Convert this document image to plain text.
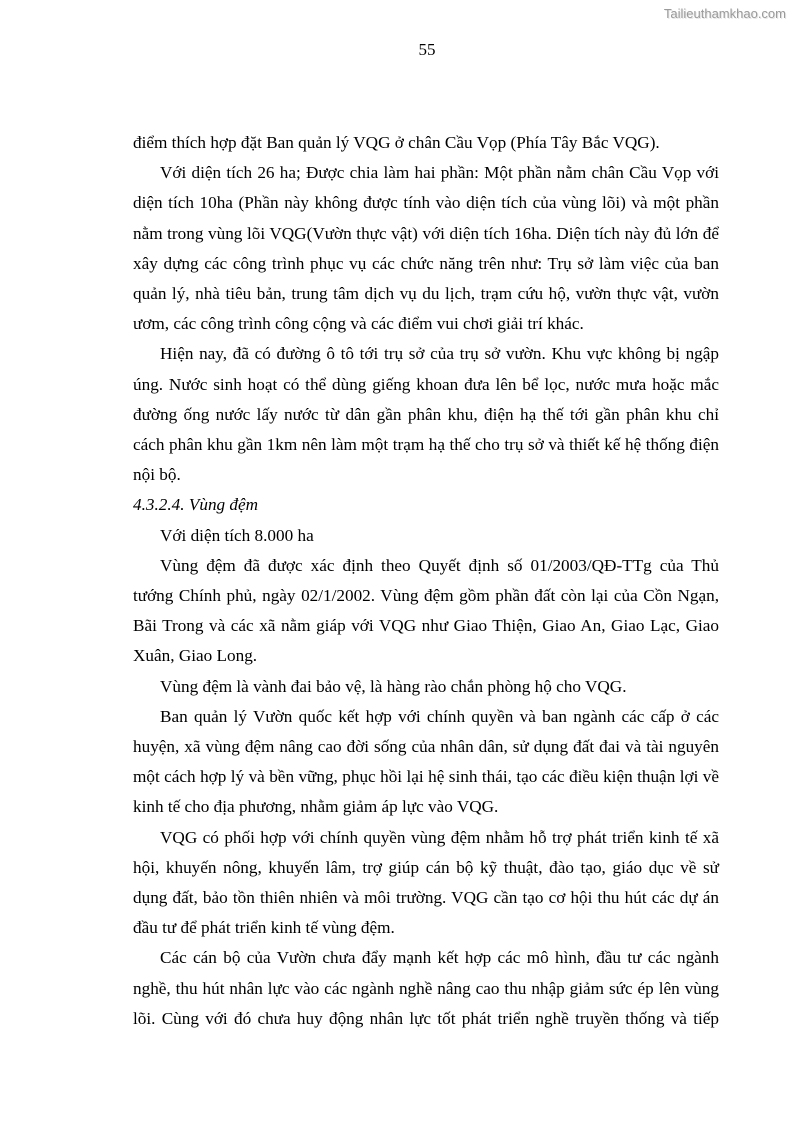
Tailieuthamkhao.com
55

điểm thích hợp đặt Ban quản lý VQG ở chân Cầu Vọp (Phía Tây Bắc VQG).

Với diện tích 26 ha; Được chia làm hai phần: Một phần nằm chân Cầu Vọp với diện tích 10ha (Phần này không được tính vào diện tích của vùng lõi) và một phần nằm trong vùng lõi VQG(Vườn thực vật) với diện tích 16ha. Diện tích này đủ lớn để xây dựng các công trình phục vụ các chức năng trên như: Trụ sở làm việc của ban quản lý, nhà tiêu bản, trung tâm dịch vụ du lịch, trạm cứu hộ, vườn thực vật, vườn ươm, các công trình công cộng và các điểm vui chơi giải trí khác.

Hiện nay, đã có đường ô tô tới trụ sở của trụ sở vườn. Khu vực không bị ngập úng. Nước sinh hoạt có thể dùng giếng khoan đưa lên bể lọc, nước mưa hoặc mắc đường ống nước lấy nước từ dân gần phân khu, điện hạ thế tới gần phân khu chỉ cách phân khu gần 1km nên làm một trạm hạ thế cho trụ sở và thiết kế hệ thống điện nội bộ.

4.3.2.4. Vùng đệm

Với diện tích 8.000 ha

Vùng đệm đã được xác định theo Quyết định số 01/2003/QĐ-TTg của Thủ tướng Chính phủ, ngày 02/1/2002. Vùng đệm gồm phần đất còn lại của Cồn Ngạn, Bãi Trong và các xã nằm giáp với VQG như Giao Thiện, Giao An, Giao Lạc, Giao Xuân, Giao Long.

Vùng đệm là vành đai bảo vệ, là hàng rào chắn phòng hộ cho VQG.

Ban quản lý Vườn quốc kết hợp với chính quyền và ban ngành các cấp ở các huyện, xã vùng đệm nâng cao đời sống của nhân dân, sử dụng đất đai và tài nguyên một cách hợp lý và bền vững, phục hồi lại hệ sinh thái, tạo các điều kiện thuận lợi về kinh tế cho địa phương, nhằm giảm áp lực vào VQG.

VQG có phối hợp với chính quyền vùng đệm nhằm hỗ trợ phát triển kinh tế xã hội, khuyến nông, khuyến lâm, trợ giúp cán bộ kỹ thuật, đào tạo, giáo dục về sử dụng đất, bảo tồn thiên nhiên và môi trường. VQG cần tạo cơ hội thu hút các dự án đầu tư để phát triển kinh tế vùng đệm.

Các cán bộ của Vườn chưa đẩy mạnh kết hợp các mô hình, đầu tư các ngành nghề, thu hút nhân lực vào các ngành nghề nâng cao thu nhập giảm sức ép lên vùng lõi. Cùng với đó chưa huy động nhân lực tốt phát triển nghề truyền thống và tiếp
